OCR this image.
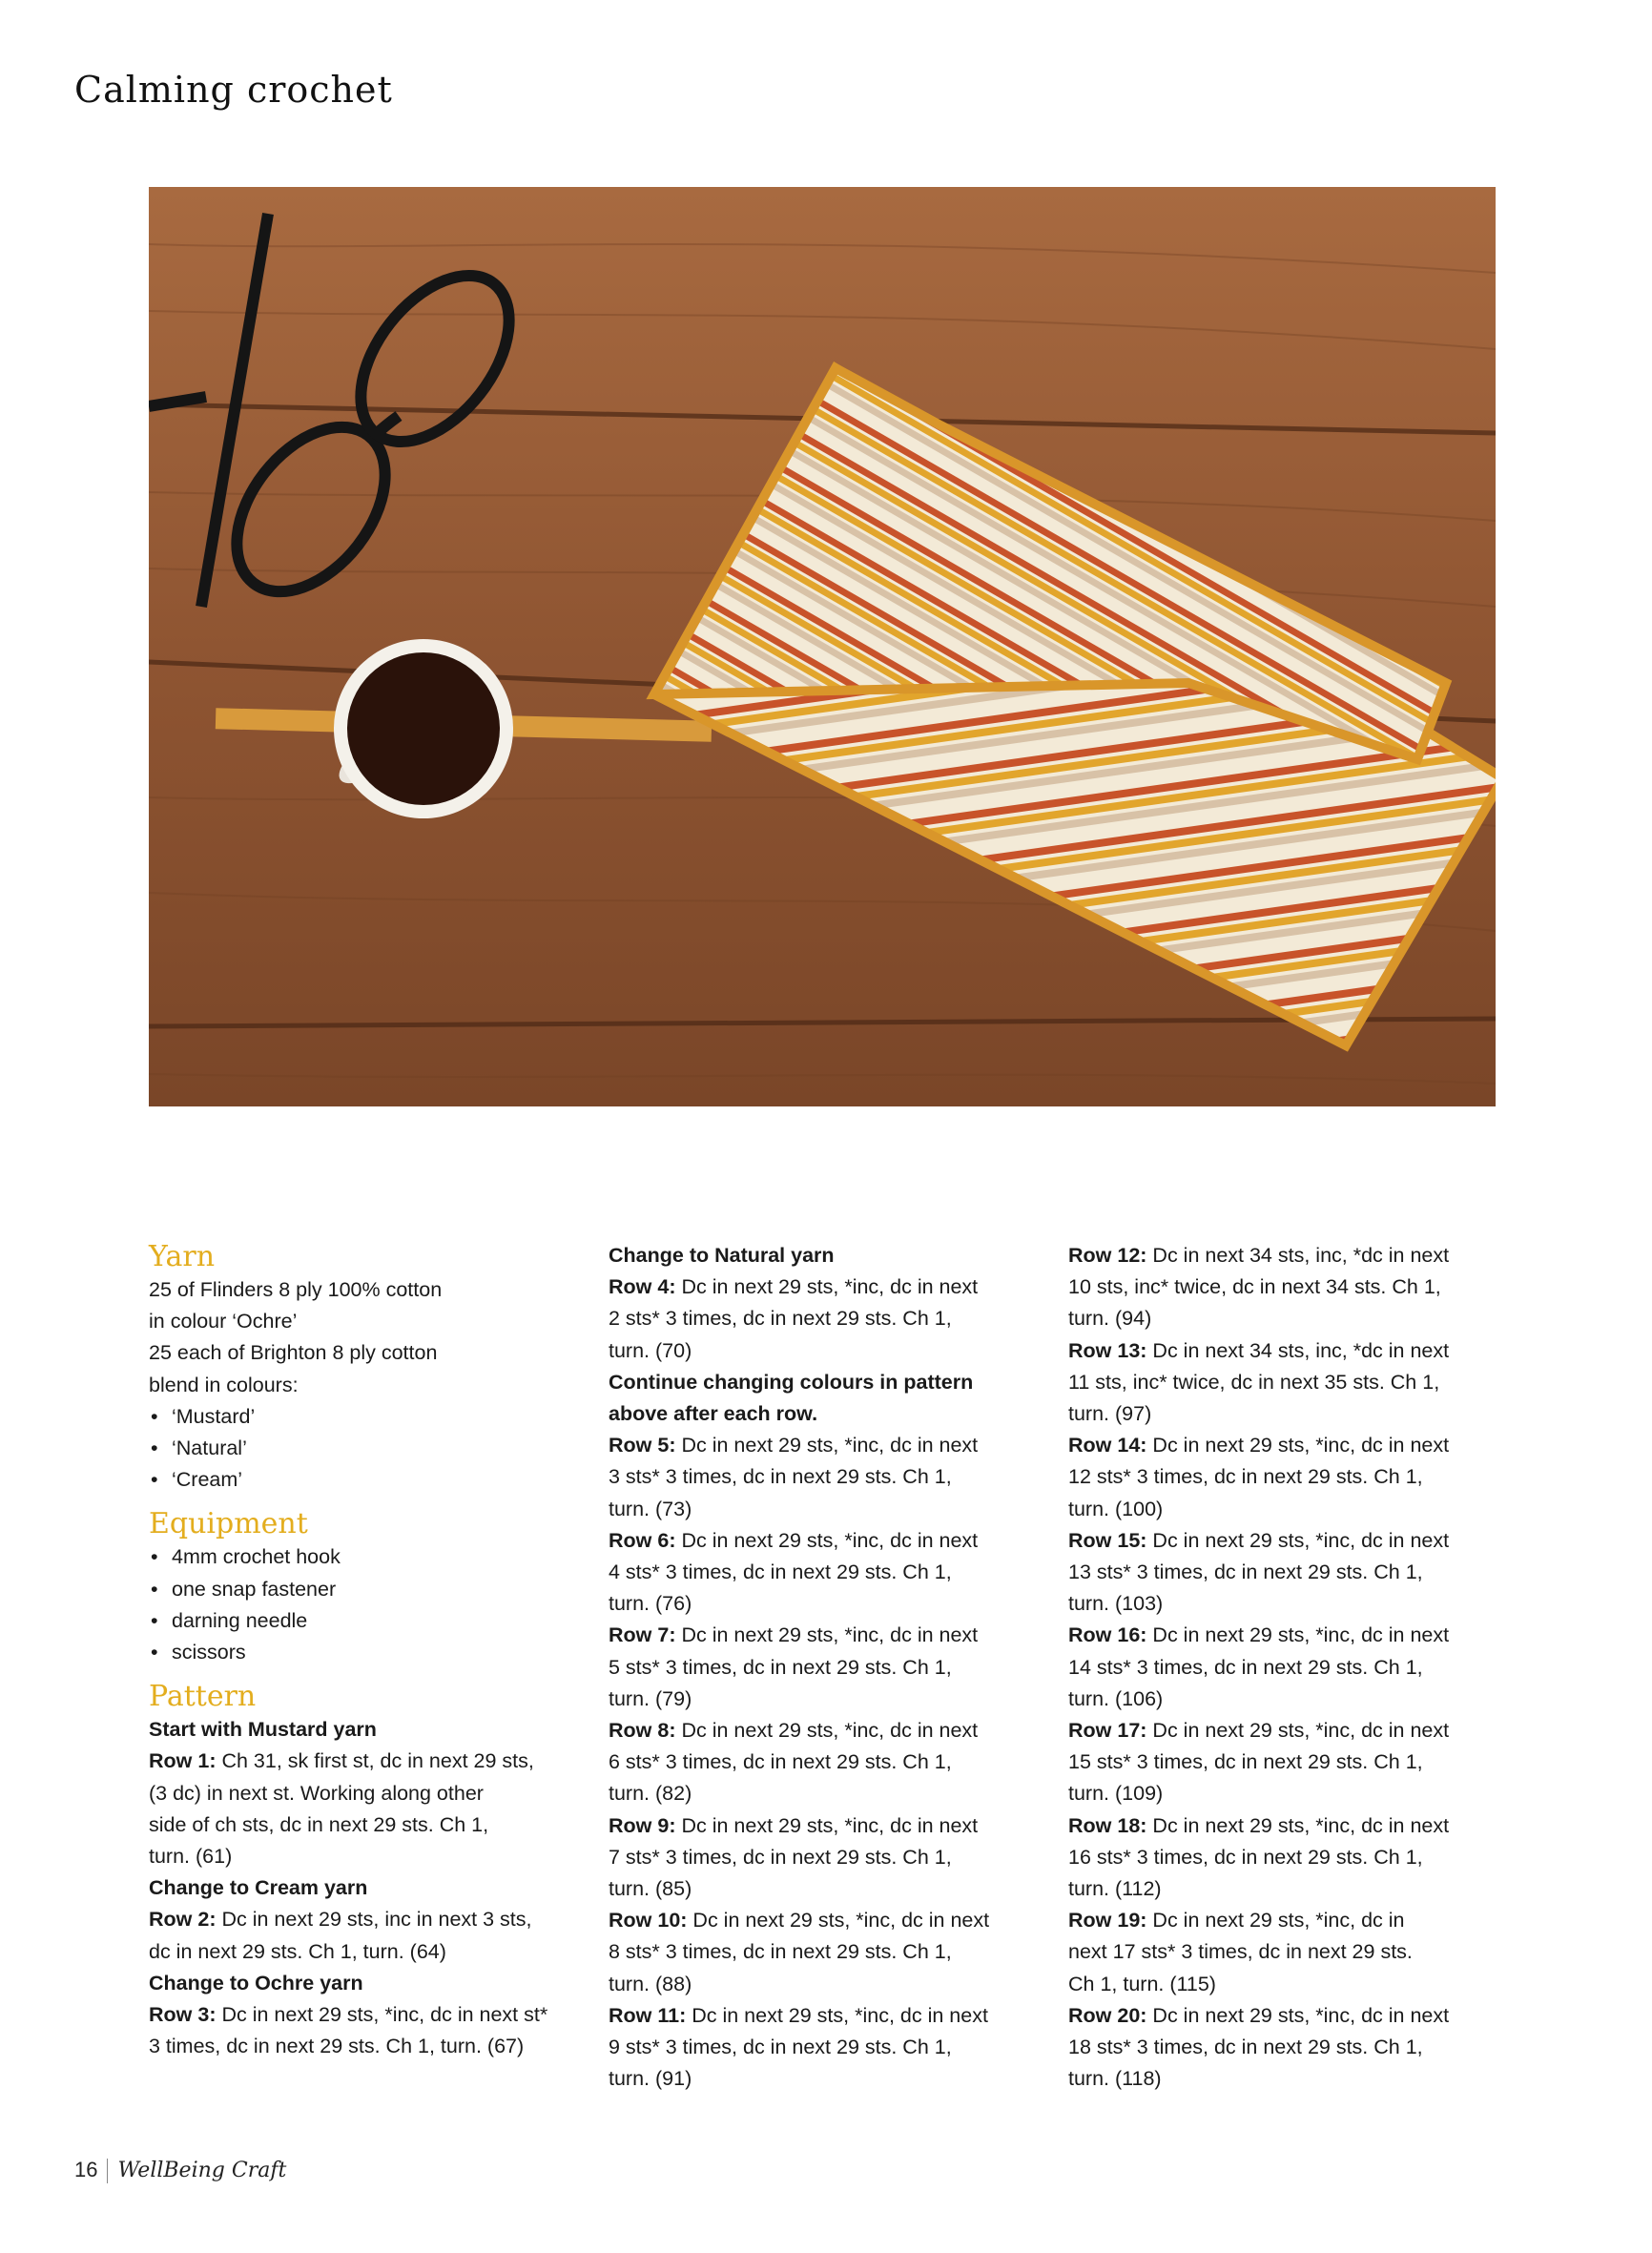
Calming crochet
Yarn
25 of Flinders 8 ply 100% cotton
in colour ‘Ochre’
25 each of Brighton 8 ply cotton
blend in colours:
• ‘Mustard’
• ‘Natural’
• ‘Cream’
Equipment
• 4mm crochet hook
• one snap fastener
• darning needle
• scissors
Pattern
Start with Mustard yarn
Row 1: Ch 31, sk first st, dc in next 29 sts,
(3 dc) in next st. Working along other
side of ch sts, dc in next 29 sts. Ch 1,
turn. (61)
Change to Cream yarn
Row 2: Dc in next 29 sts, inc in next 3 sts,
dc in next 29 sts. Ch 1, turn. (64)
Change to Ochre yarn
Row 3: Dc in next 29 sts, *inc, dc in next st*
3 times, dc in next 29 sts. Ch 1, turn. (67)
Change to Natural yarn
Row 4: Dc in next 29 sts, *inc, dc in next
2 sts* 3 times, dc in next 29 sts. Ch 1,
turn. (70)
Continue changing colours in pattern
above after each row.
Row 5: Dc in next 29 sts, *inc, dc in next
3 sts* 3 times, dc in next 29 sts. Ch 1,
turn. (73)
Row 6: Dc in next 29 sts, *inc, dc in next
4 sts* 3 times, dc in next 29 sts. Ch 1,
turn. (76)
Row 7: Dc in next 29 sts, *inc, dc in next
5 sts* 3 times, dc in next 29 sts. Ch 1,
turn. (79)
Row 8: Dc in next 29 sts, *inc, dc in next
6 sts* 3 times, dc in next 29 sts. Ch 1,
turn. (82)
Row 9: Dc in next 29 sts, *inc, dc in next
7 sts* 3 times, dc in next 29 sts. Ch 1,
turn. (85)
Row 10: Dc in next 29 sts, *inc, dc in next
8 sts* 3 times, dc in next 29 sts. Ch 1,
turn. (88)
Row 11: Dc in next 29 sts, *inc, dc in next
9 sts* 3 times, dc in next 29 sts. Ch 1,
turn. (91)
Row 12: Dc in next 34 sts, inc, *dc in next
10 sts, inc* twice, dc in next 34 sts. Ch 1,
turn. (94)
Row 13: Dc in next 34 sts, inc, *dc in next
11 sts, inc* twice, dc in next 35 sts. Ch 1,
turn. (97)
Row 14: Dc in next 29 sts, *inc, dc in next
12 sts* 3 times, dc in next 29 sts. Ch 1,
turn. (100)
Row 15: Dc in next 29 sts, *inc, dc in next
13 sts* 3 times, dc in next 29 sts. Ch 1,
turn. (103)
Row 16: Dc in next 29 sts, *inc, dc in next
14 sts* 3 times, dc in next 29 sts. Ch 1,
turn. (106)
Row 17: Dc in next 29 sts, *inc, dc in next
15 sts* 3 times, dc in next 29 sts. Ch 1,
turn. (109)
Row 18: Dc in next 29 sts, *inc, dc in next
16 sts* 3 times, dc in next 29 sts. Ch 1,
turn. (112)
Row 19: Dc in next 29 sts, *inc, dc in
next 17 sts* 3 times, dc in next 29 sts.
Ch 1, turn. (115)
Row 20: Dc in next 29 sts, *inc, dc in next
18 sts* 3 times, dc in next 29 sts. Ch 1,
turn. (118)
16 WellBeing Craft
